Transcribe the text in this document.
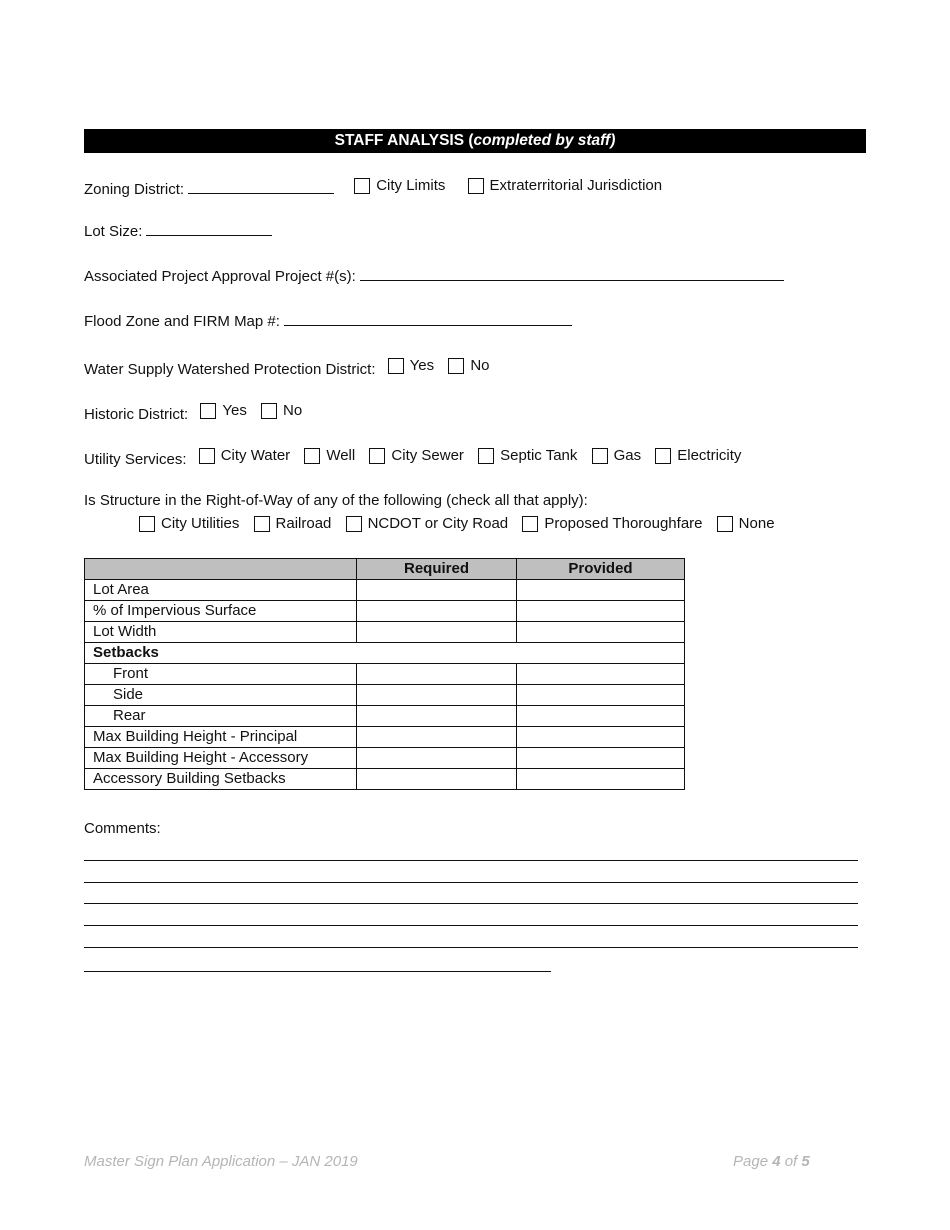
STAFF ANALYSIS (completed by staff)
Zoning District:	City Limits
	Extraterritorial Jurisdiction
Lot Size:
Associated Project Approval Project #(s):
Flood Zone and FIRM Map #:
Water Supply Watershed Protection District: Yes
No
Historic District: Yes
No
Utility Services: City Water
Well
City Sewer
Septic Tank
Gas
Electricity
Is Structure in the Right-of-Way of any of the following (check all that apply):
City Utilities
Railroad
NCDOT or City Road
Proposed Thoroughfare
None
	Required	Provided
Lot Area		
% of Impervious Surface		
Lot Width		
Setbacks		
Front		
Side		
Rear		
Max Building Height - Principal		
Max Building Height - Accessory		
Accessory Building Setbacks		
Comments:
Master Sign Plan Application – JAN 2019	Page 4 of 5
